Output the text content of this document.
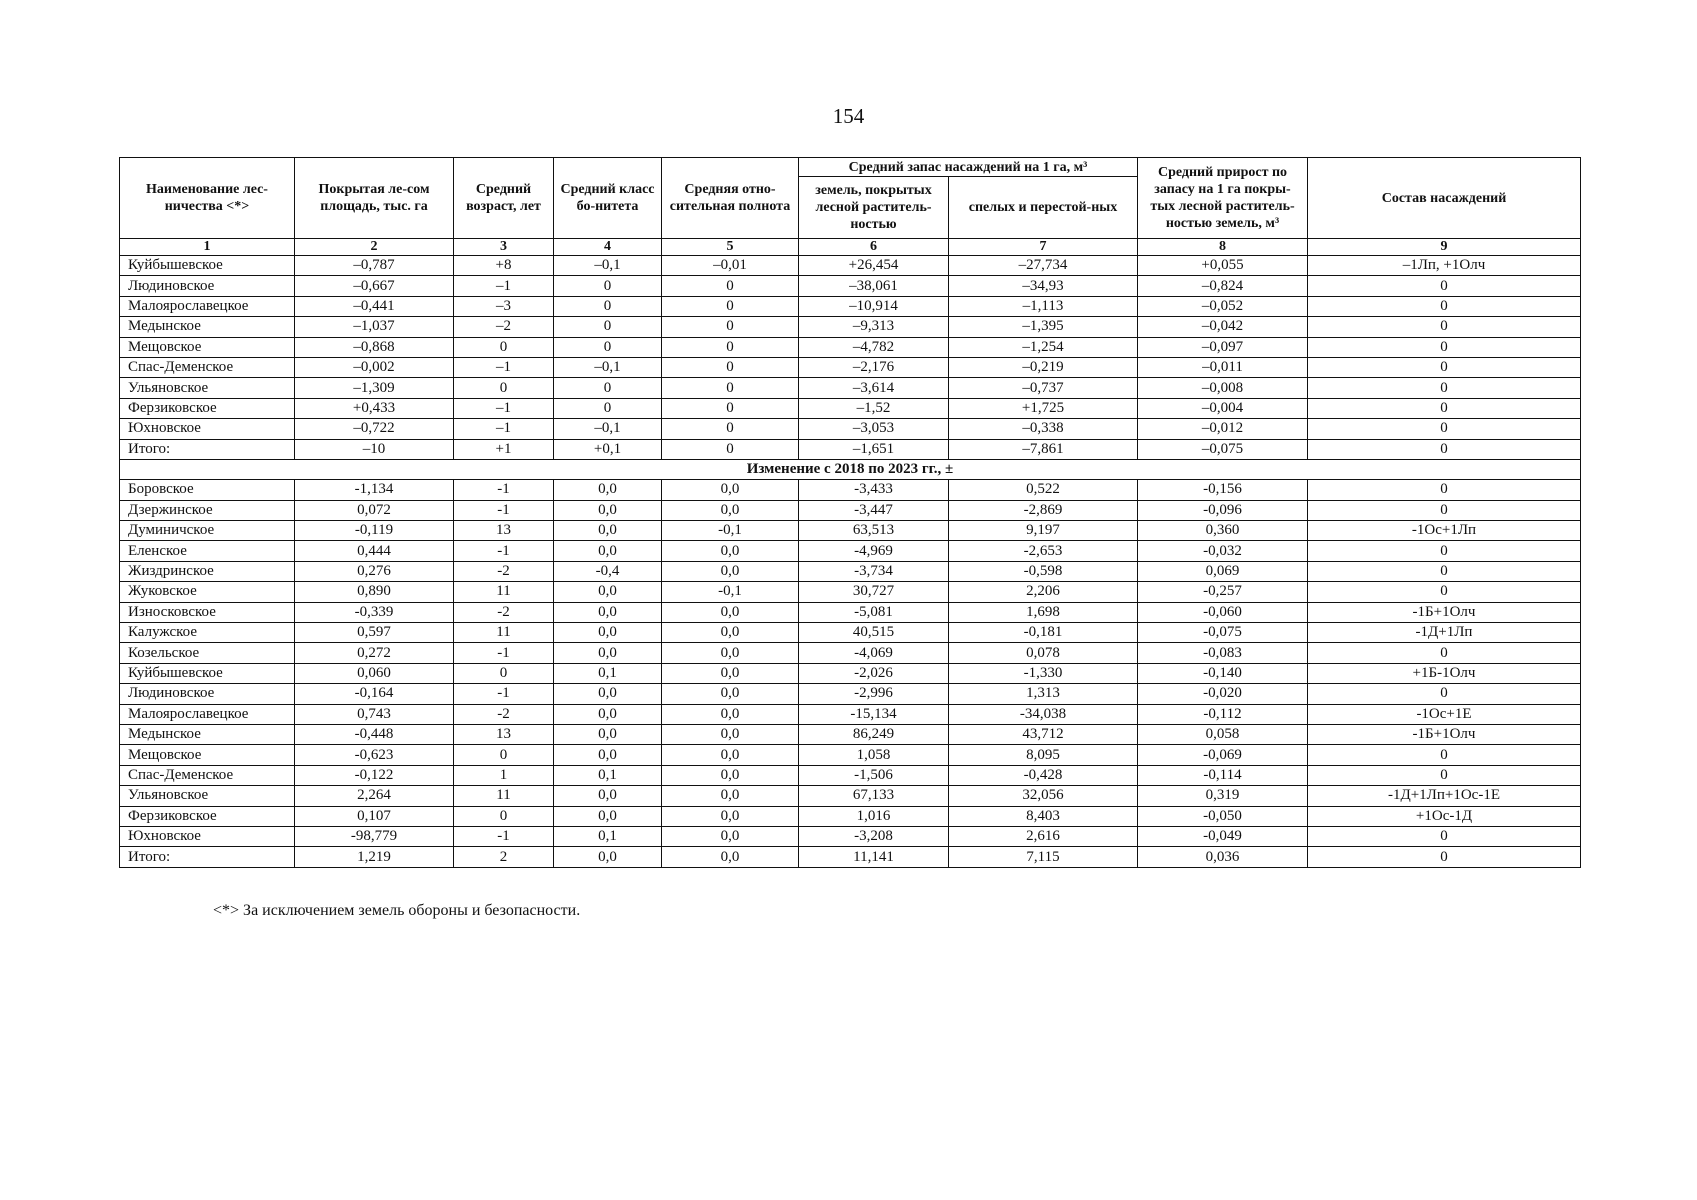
154
Наименование лес-ничества <*>	Покрытая ле-сом площадь, тыс. га	Средний возраст, лет	Средний класс бо-нитета	Средняя отно-сительная полнота	Средний запас насаждений на 1 га, м³		Средний прирост по запасу на 1 га покры-тых лесной раститель-ностью земель, м³	Состав насаждений
					земель, покрытых лесной раститель-ностью	спелых и перестой-ных		
1	2	3	4	5	6	7	8	9
Куйбышевское	–0,787	+8	–0,1	–0,01	+26,454	–27,734	+0,055	–1Лп, +1Олч
Людиновское	–0,667	–1	0	0	–38,061	–34,93	–0,824	0
Малоярославецкое	–0,441	–3	0	0	–10,914	–1,113	–0,052	0
Медынское	–1,037	–2	0	0	–9,313	–1,395	–0,042	0
Мещовское	–0,868	0	0	0	–4,782	–1,254	–0,097	0
Спас-Деменское	–0,002	–1	–0,1	0	–2,176	–0,219	–0,011	0
Ульяновское	–1,309	0	0	0	–3,614	–0,737	–0,008	0
Ферзиковское	+0,433	–1	0	0	–1,52	+1,725	–0,004	0
Юхновское	–0,722	–1	–0,1	0	–3,053	–0,338	–0,012	0
Итого:	–10	+1	+0,1	0	–1,651	–7,861	–0,075	0
Изменение с 2018 по 2023 гг., ±								
Боровское	-1,134	-1	0,0	0,0	-3,433	0,522	-0,156	0
Дзержинское	0,072	-1	0,0	0,0	-3,447	-2,869	-0,096	0
Думиничское	-0,119	13	0,0	-0,1	63,513	9,197	0,360	-1Ос+1Лп
Еленское	0,444	-1	0,0	0,0	-4,969	-2,653	-0,032	0
Жиздринское	0,276	-2	-0,4	0,0	-3,734	-0,598	0,069	0
Жуковское	0,890	11	0,0	-0,1	30,727	2,206	-0,257	0
Износковское	-0,339	-2	0,0	0,0	-5,081	1,698	-0,060	-1Б+1Олч
Калужское	0,597	11	0,0	0,0	40,515	-0,181	-0,075	-1Д+1Лп
Козельское	0,272	-1	0,0	0,0	-4,069	0,078	-0,083	0
Куйбышевское	0,060	0	0,1	0,0	-2,026	-1,330	-0,140	+1Б-1Олч
Людиновское	-0,164	-1	0,0	0,0	-2,996	1,313	-0,020	0
Малоярославецкое	0,743	-2	0,0	0,0	-15,134	-34,038	-0,112	-1Ос+1Е
Медынское	-0,448	13	0,0	0,0	86,249	43,712	0,058	-1Б+1Олч
Мещовское	-0,623	0	0,0	0,0	1,058	8,095	-0,069	0
Спас-Деменское	-0,122	1	0,1	0,0	-1,506	-0,428	-0,114	0
Ульяновское	2,264	11	0,0	0,0	67,133	32,056	0,319	-1Д+1Лп+1Ос-1Е
Ферзиковское	0,107	0	0,0	0,0	1,016	8,403	-0,050	+1Ос-1Д
Юхновское	-98,779	-1	0,1	0,0	-3,208	2,616	-0,049	0
Итого:	1,219	2	0,0	0,0	11,141	7,115	0,036	0
<*> За исключением земель обороны и безопасности.
